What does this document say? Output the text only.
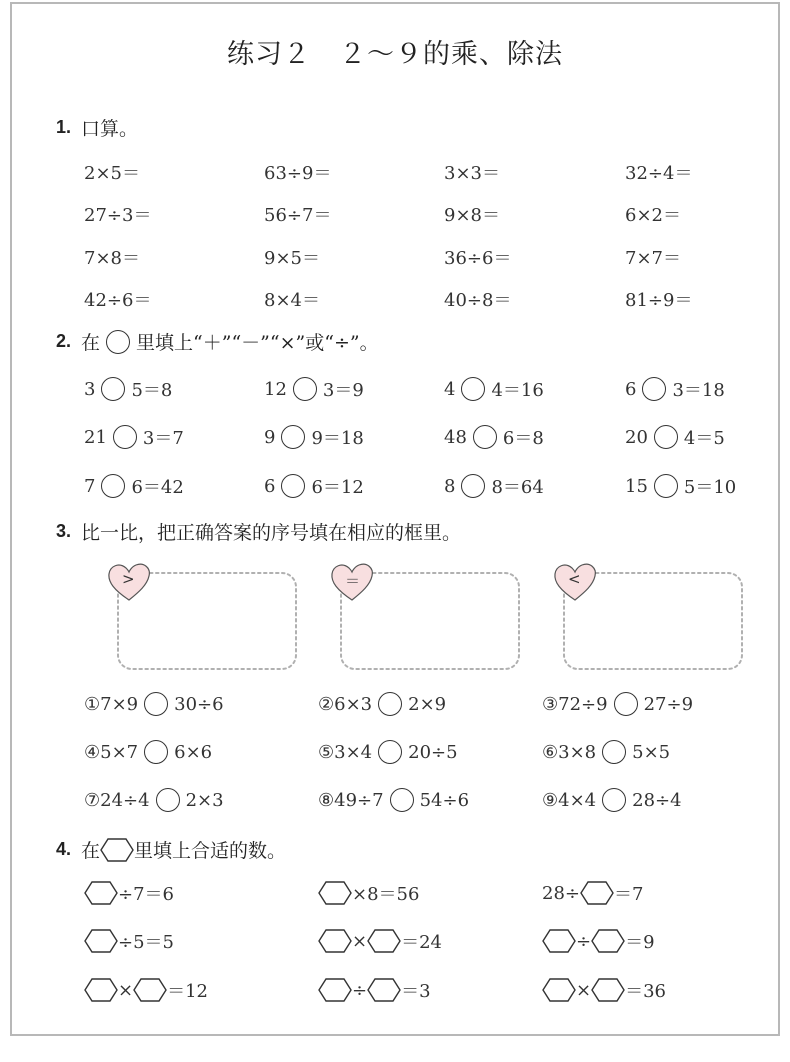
练习２　２～９的乘、除法
1. 口算。
2×5＝	63÷9＝	3×3＝	32÷4＝
27÷3＝	56÷7＝	9×8＝	6×2＝
7×8＝	9×5＝	36÷6＝	7×7＝
42÷6＝	8×4＝	40÷8＝	81÷9＝
2. 在 里填上“＋”“－”“×”或“÷”。
3 5＝8	12 3＝9	4 4＝16	6 3＝18
21 3＝7	9 9＝18	48 6＝8	20 4＝5
7 6＝42	6 6＝12	8 8＝64	15 5＝10
3. 比一比，把正确答案的序号填在相应的框里。
>	＝	<
①7×9 30÷6	②6×3 2×9	③72÷9 27÷9
④5×7 6×6	⑤3×4 20÷5	⑥3×8 5×5
⑦24÷4 2×3	⑧49÷7 54÷6	⑨4×4 28÷4
4. 在 里填上合适的数。
÷7＝6	×8＝56	28÷ ＝7
÷5＝5	× ＝24	÷ ＝9
× ＝12	÷ ＝3	× ＝36
